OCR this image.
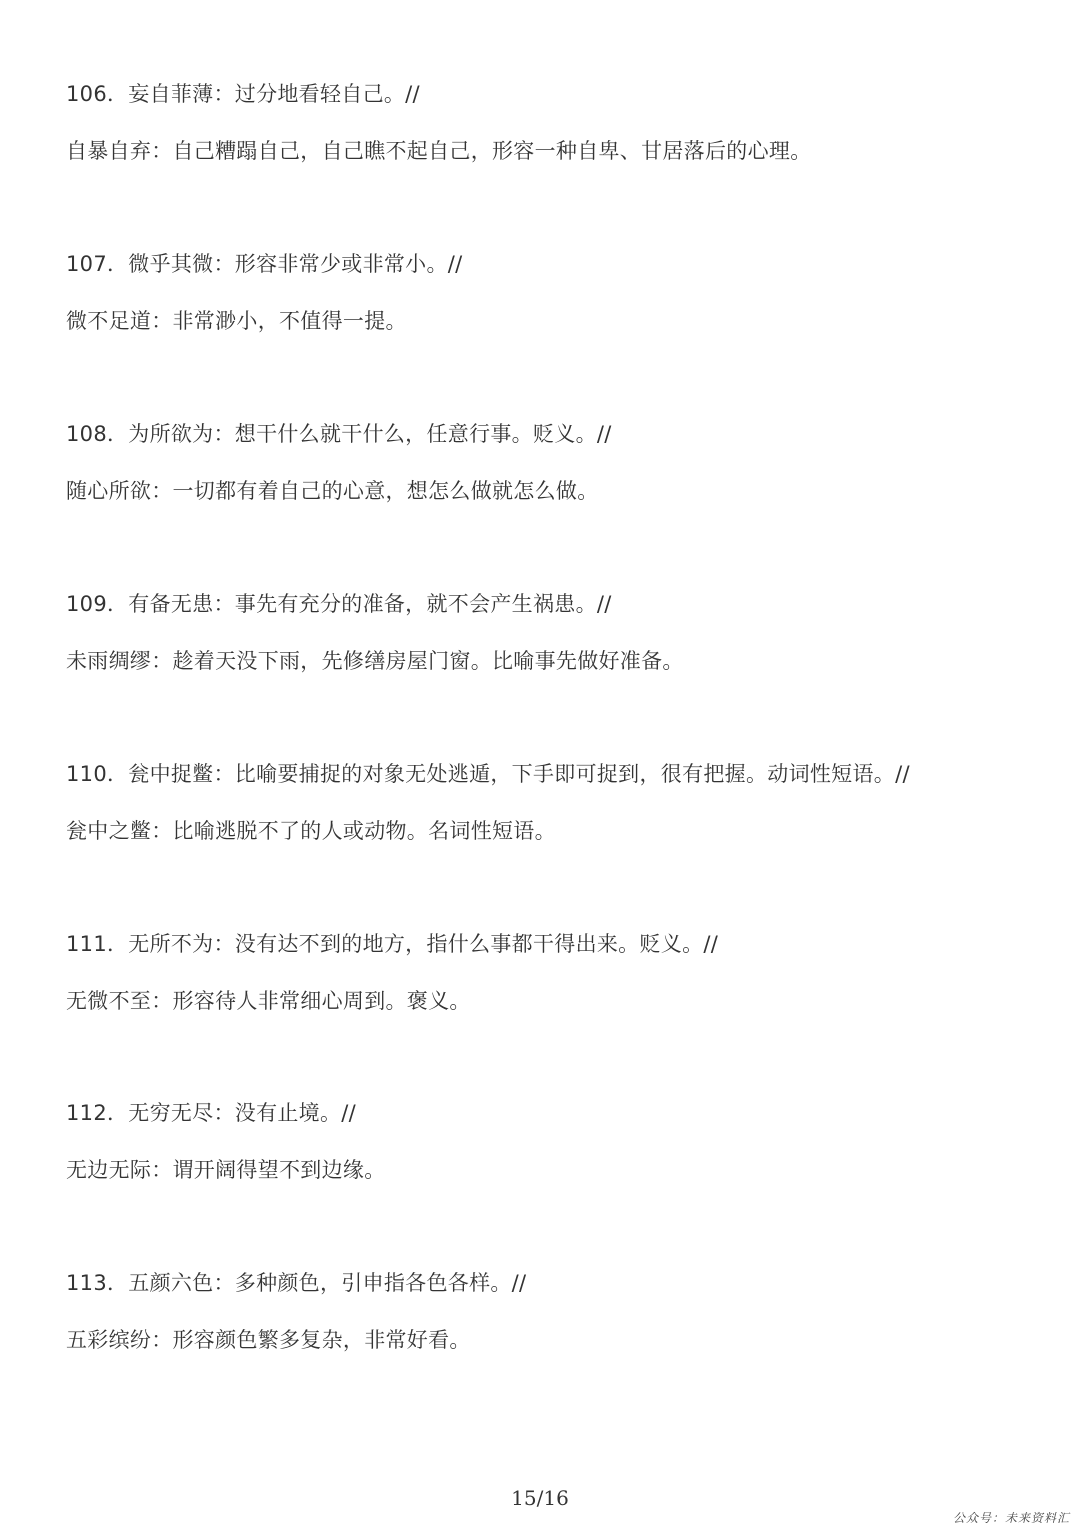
106．妄自菲薄：过分地看轻自己。//
自暴自弃：自己糟蹋自己，自己瞧不起自己，形容一种自卑、甘居落后的心理。
107．微乎其微：形容非常少或非常小。//
微不足道：非常渺小，不值得一提。
108．为所欲为：想干什么就干什么，任意行事。贬义。//
随心所欲：一切都有着自己的心意，想怎么做就怎么做。
109．有备无患：事先有充分的准备，就不会产生祸患。//
未雨绸缪：趁着天没下雨，先修缮房屋门窗。比喻事先做好准备。
110．瓮中捉鳖：比喻要捕捉的对象无处逃遁，下手即可捉到，很有把握。动词性短语。//
瓮中之鳖：比喻逃脱不了的人或动物。名词性短语。
111．无所不为：没有达不到的地方，指什么事都干得出来。贬义。//
无微不至：形容待人非常细心周到。褒义。
112．无穷无尽：没有止境。//
无边无际：谓开阔得望不到边缘。
113．五颜六色：多种颜色，引申指各色各样。//
五彩缤纷：形容颜色繁多复杂，非常好看。
15/16
公众号：未来资料汇
